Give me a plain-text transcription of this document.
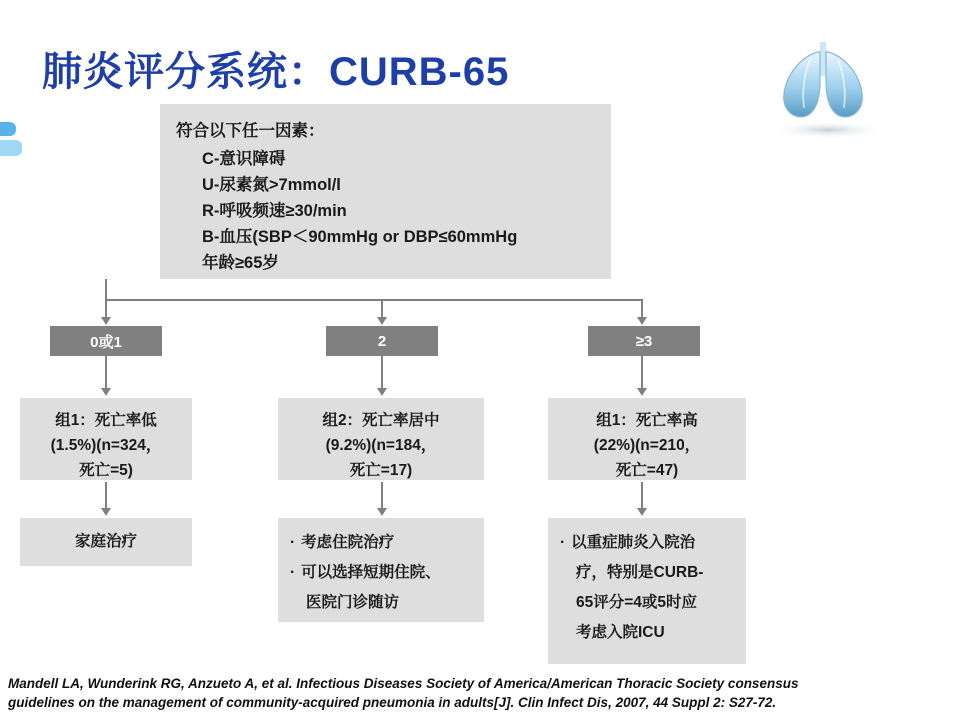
肺炎评分系统：CURB-65
符合以下任一因素：
C-意识障碍
U-尿素氮>7mmol/l
R-呼吸频速≥30/min
B-血压(SBP＜90mmHg or DBP≤60mmHg
年龄≥65岁
0或1	2	≥3
组1：死亡率低
(1.5%)(n=324，
死亡=5)
组2：死亡率居中
(9.2%)(n=184，
死亡=17)
组1：死亡率高
(22%)(n=210，
死亡=47)
家庭治疗	· 考虑住院治疗
· 可以选择短期住院、
医院门诊随访
· 以重症肺炎入院治
疗，特别是CURB-
65评分=4或5时应
考虑入院ICU
Mandell LA, Wunderink RG, Anzueto A, et al. Infectious Diseases Society of America/American Thoracic Society consensus
guidelines on the management of community-acquired pneumonia in adults[J]. Clin Infect Dis, 2007, 44 Suppl 2: S27-72.
